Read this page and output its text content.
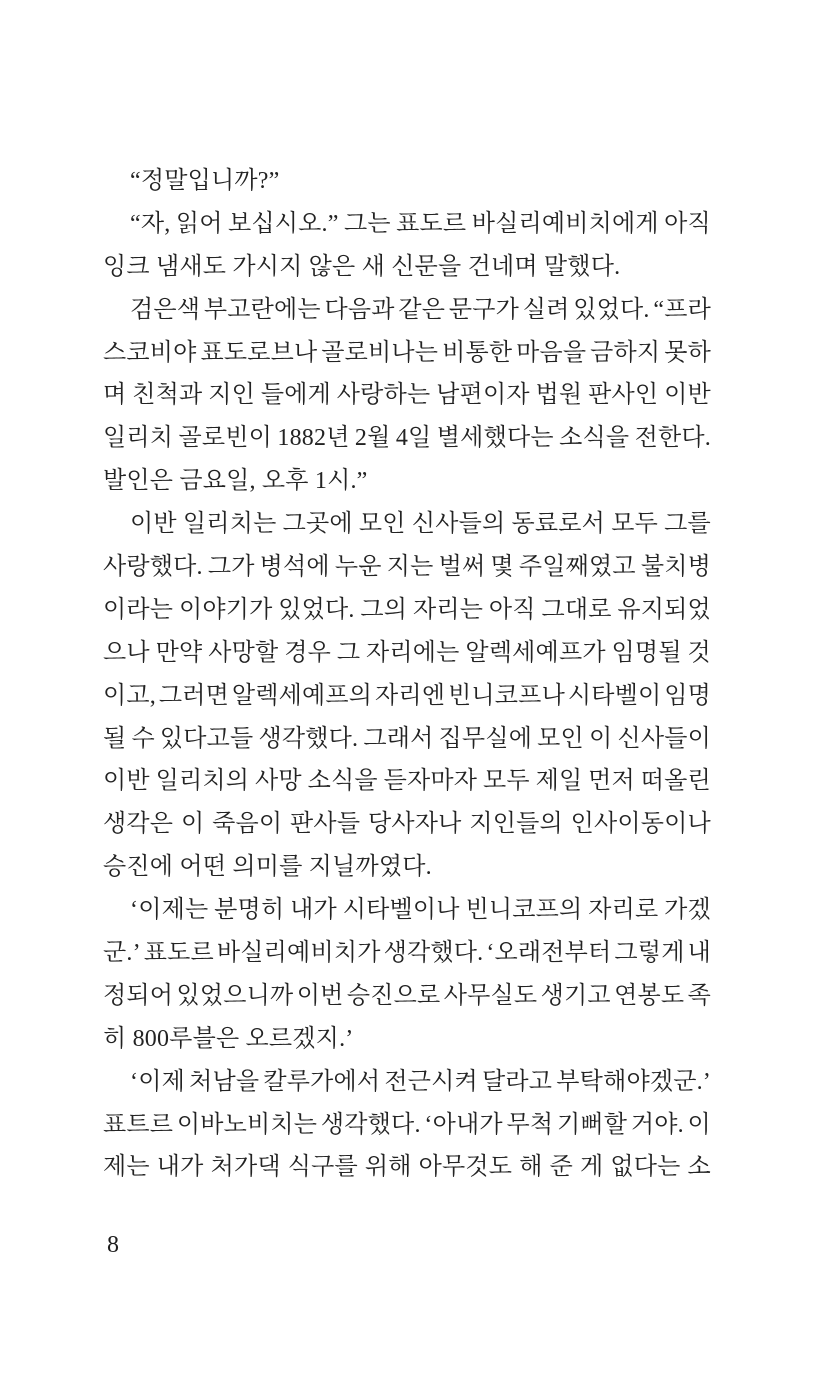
“정말입니까?”
“자, 읽어 보십시오.” 그는 표도르 바실리예비치에게 아직
잉크 냄새도 가시지 않은 새 신문을 건네며 말했다.
검은색 부고란에는 다음과 같은 문구가 실려 있었다. “프라
스코비야 표도로브나 골로비나는 비통한 마음을 금하지 못하
며 친척과 지인 들에게 사랑하는 남편이자 법원 판사인 이반
일리치 골로빈이 1882년 2월 4일 별세했다는 소식을 전한다.
발인은 금요일, 오후 1시.”
이반 일리치는 그곳에 모인 신사들의 동료로서 모두 그를
사랑했다. 그가 병석에 누운 지는 벌써 몇 주일째였고 불치병
이라는 이야기가 있었다. 그의 자리는 아직 그대로 유지되었
으나 만약 사망할 경우 그 자리에는 알렉세예프가 임명될 것
이고, 그러면 알렉세예프의 자리엔 빈니코프나 시타벨이 임명
될 수 있다고들 생각했다. 그래서 집무실에 모인 이 신사들이
이반 일리치의 사망 소식을 듣자마자 모두 제일 먼저 떠올린
생각은 이 죽음이 판사들 당사자나 지인들의 인사이동이나
승진에 어떤 의미를 지닐까였다.
‘이제는 분명히 내가 시타벨이나 빈니코프의 자리로 가겠
군.’ 표도르 바실리예비치가 생각했다. ‘오래전부터 그렇게 내
정되어 있었으니까 이번 승진으로 사무실도 생기고 연봉도 족
히 800루블은 오르겠지.’
‘이제 처남을 칼루가에서 전근시켜 달라고 부탁해야겠군.’
표트르 이바노비치는 생각했다. ‘아내가 무척 기뻐할 거야. 이
제는 내가 처가댁 식구를 위해 아무것도 해 준 게 없다는 소
8
